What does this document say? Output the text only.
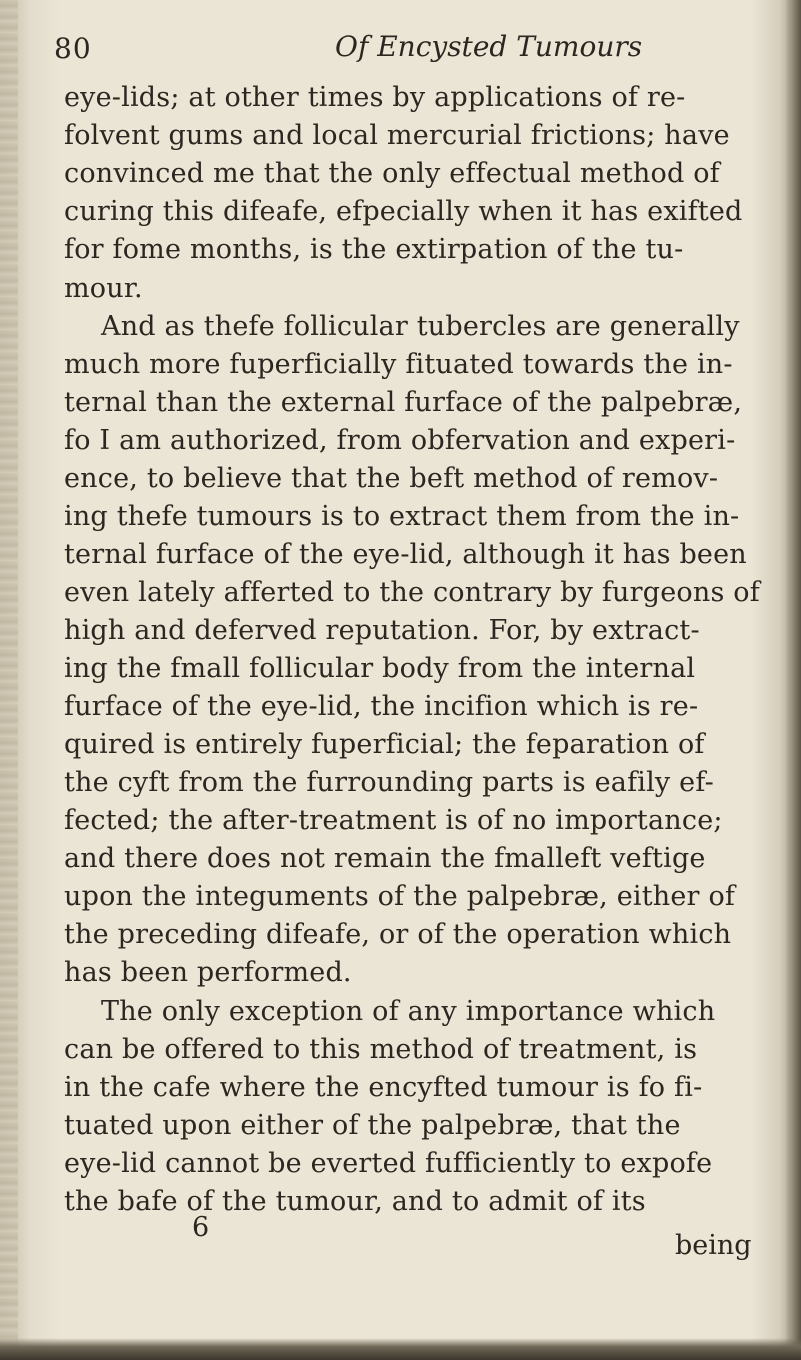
80	Of Encysted Tumours
eye-lids; at other times by applications of re-
folvent gums and local mercurial frictions; have
convinced me that the only effectual method of
curing this difeafe, efpecially when it has exifted
for fome months, is the extirpation of the tu-
mour.
And as thefe follicular tubercles are generally
much more fuperficially fituated towards the in-
ternal than the external furface of the palpebræ,
fo I am authorized, from obfervation and experi-
ence, to believe that the beft method of remov-
ing thefe tumours is to extract them from the in-
ternal furface of the eye-lid, although it has been
even lately afferted to the contrary by furgeons of
high and deferved reputation. For, by extract-
ing the fmall follicular body from the internal
furface of the eye-lid, the incifion which is re-
quired is entirely fuperficial; the feparation of
the cyft from the furrounding parts is eafily ef-
fected; the after-treatment is of no importance;
and there does not remain the fmalleft veftige
upon the integuments of the palpebræ, either of
the preceding difeafe, or of the operation which
has been performed.
The only exception of any importance which
can be offered to this method of treatment, is
in the cafe where the encyfted tumour is fo fi-
tuated upon either of the palpebræ, that the
eye-lid cannot be everted fufficiently to expofe
the bafe of the tumour, and to admit of its
6
being
